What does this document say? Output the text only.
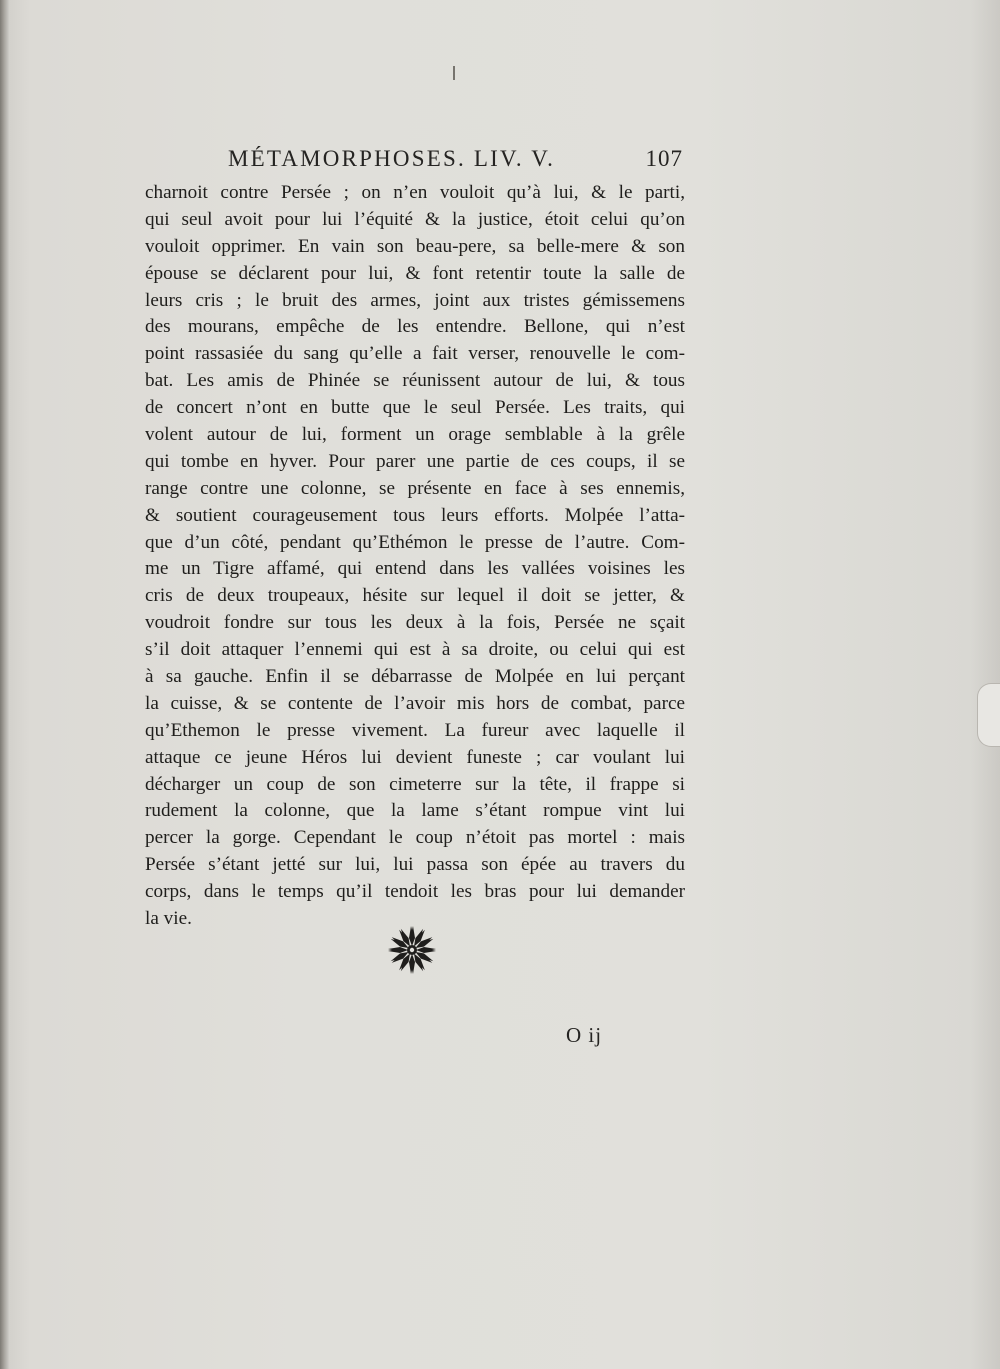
MÉTAMORPHOSES. LIV. V.	107
charnoit contre Persée ; on n’en vouloit qu’à lui, & le parti,
qui seul avoit pour lui l’équité & la justice, étoit celui qu’on
vouloit opprimer. En vain son beau-pere, sa belle-mere & son
épouse se déclarent pour lui, & font retentir toute la salle de
leurs cris ; le bruit des armes, joint aux tristes gémissemens
des mourans, empêche de les entendre. Bellone, qui n’est
point rassasiée du sang qu’elle a fait verser, renouvelle le com-
bat. Les amis de Phinée se réunissent autour de lui, & tous
de concert n’ont en butte que le seul Persée. Les traits, qui
volent autour de lui, forment un orage semblable à la grêle
qui tombe en hyver. Pour parer une partie de ces coups, il se
range contre une colonne, se présente en face à ses ennemis,
& soutient courageusement tous leurs efforts. Molpée l’atta-
que d’un côté, pendant qu’Ethémon le presse de l’autre. Com-
me un Tigre affamé, qui entend dans les vallées voisines les
cris de deux troupeaux, hésite sur lequel il doit se jetter, &
voudroit fondre sur tous les deux à la fois, Persée ne sçait
s’il doit attaquer l’ennemi qui est à sa droite, ou celui qui est
à sa gauche. Enfin il se débarrasse de Molpée en lui perçant
la cuisse, & se contente de l’avoir mis hors de combat, parce
qu’Ethemon le presse vivement. La fureur avec laquelle il
attaque ce jeune Héros lui devient funeste ; car voulant lui
décharger un coup de son cimeterre sur la tête, il frappe si
rudement la colonne, que la lame s’étant rompue vint lui
percer la gorge. Cependant le coup n’étoit pas mortel : mais
Persée s’étant jetté sur lui, lui passa son épée au travers du
corps, dans le temps qu’il tendoit les bras pour lui demander
la vie.
O ij
